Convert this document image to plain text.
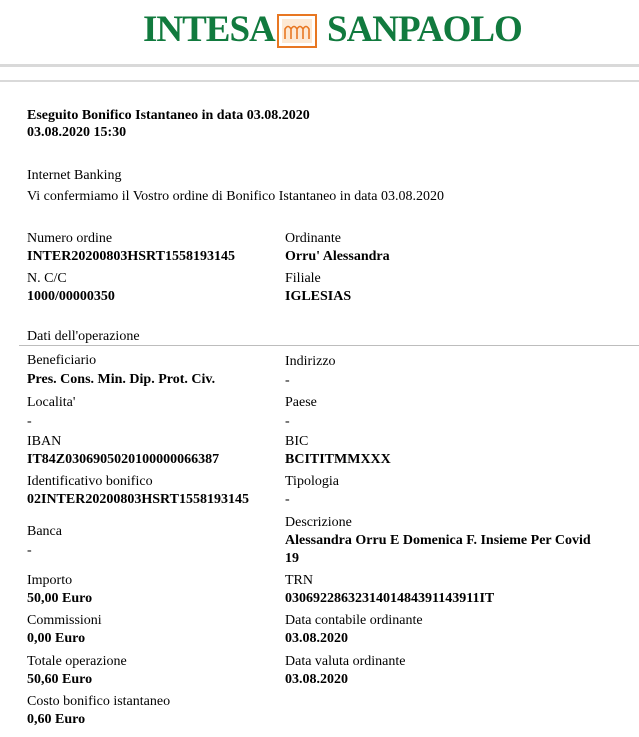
INTESA SANPAOLO
Eseguito Bonifico Istantaneo in data 03.08.2020
03.08.2020 15:30
Internet Banking
Vi confermiamo il Vostro ordine di Bonifico Istantaneo in data 03.08.2020
Numero ordine
INTER20200803HSRT1558193145
Ordinante
Orru' Alessandra
N. C/C
1000/00000350
Filiale
IGLESIAS
Dati dell'operazione
Beneficiario
Pres. Cons. Min. Dip. Prot. Civ.
Indirizzo
-
Localita'
-
Paese
-
IBAN
IT84Z0306905020100000066387
BIC
BCITITMMXXX
Identificativo bonifico
02INTER20200803HSRT1558193145
Tipologia
-
Banca
-
Descrizione
Alessandra Orru E Domenica F. Insieme Per Covid
19
Importo
50,00 Euro
TRN
0306922863231401484391143911IT
Commissioni
0,00 Euro
Data contabile ordinante
03.08.2020
Totale operazione
50,60 Euro
Data valuta ordinante
03.08.2020
Costo bonifico istantaneo
0,60 Euro
